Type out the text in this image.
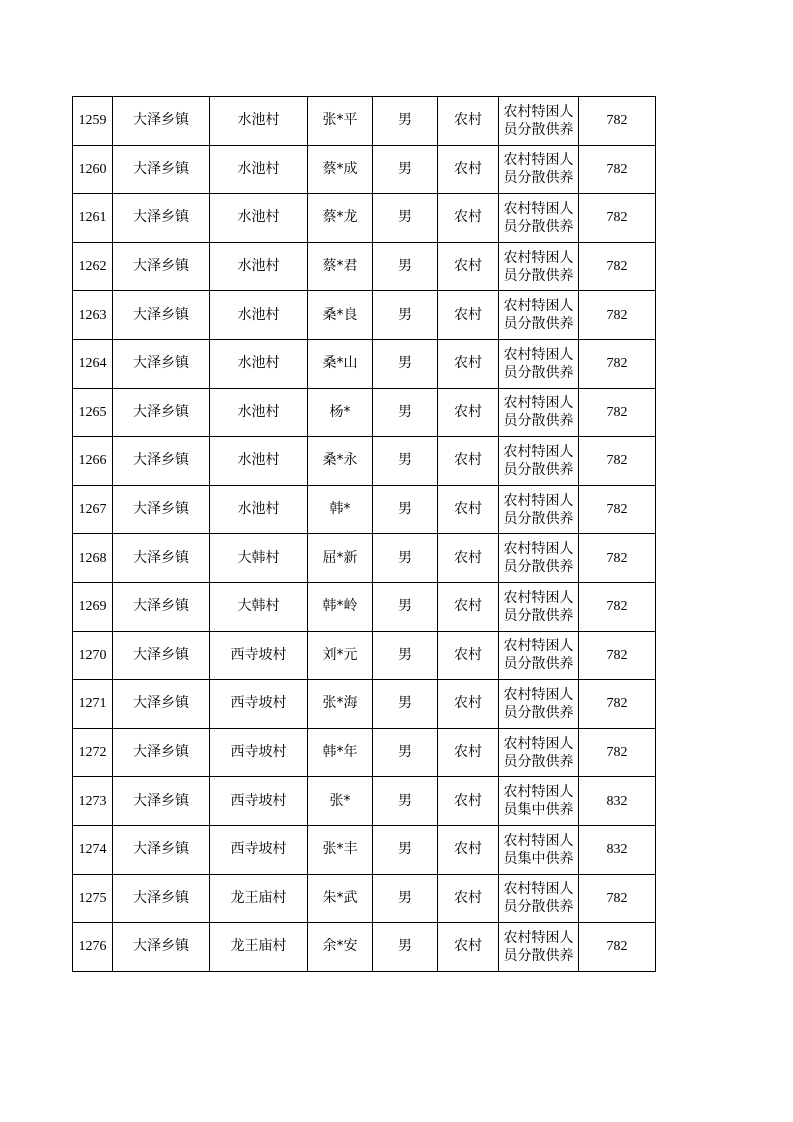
1259	大泽乡镇	水池村	张*平	男	农村	农村特困人
员分散供养	782
1260	大泽乡镇	水池村	蔡*成	男	农村	农村特困人
员分散供养	782
1261	大泽乡镇	水池村	蔡*龙	男	农村	农村特困人
员分散供养	782
1262	大泽乡镇	水池村	蔡*君	男	农村	农村特困人
员分散供养	782
1263	大泽乡镇	水池村	桑*良	男	农村	农村特困人
员分散供养	782
1264	大泽乡镇	水池村	桑*山	男	农村	农村特困人
员分散供养	782
1265	大泽乡镇	水池村	杨*	男	农村	农村特困人
员分散供养	782
1266	大泽乡镇	水池村	桑*永	男	农村	农村特困人
员分散供养	782
1267	大泽乡镇	水池村	韩*	男	农村	农村特困人
员分散供养	782
1268	大泽乡镇	大韩村	屈*新	男	农村	农村特困人
员分散供养	782
1269	大泽乡镇	大韩村	韩*岭	男	农村	农村特困人
员分散供养	782
1270	大泽乡镇	西寺坡村	刘*元	男	农村	农村特困人
员分散供养	782
1271	大泽乡镇	西寺坡村	张*海	男	农村	农村特困人
员分散供养	782
1272	大泽乡镇	西寺坡村	韩*年	男	农村	农村特困人
员分散供养	782
1273	大泽乡镇	西寺坡村	张*	男	农村	农村特困人
员集中供养	832
1274	大泽乡镇	西寺坡村	张*丰	男	农村	农村特困人
员集中供养	832
1275	大泽乡镇	龙王庙村	朱*武	男	农村	农村特困人
员分散供养	782
1276	大泽乡镇	龙王庙村	余*安	男	农村	农村特困人
员分散供养	782
